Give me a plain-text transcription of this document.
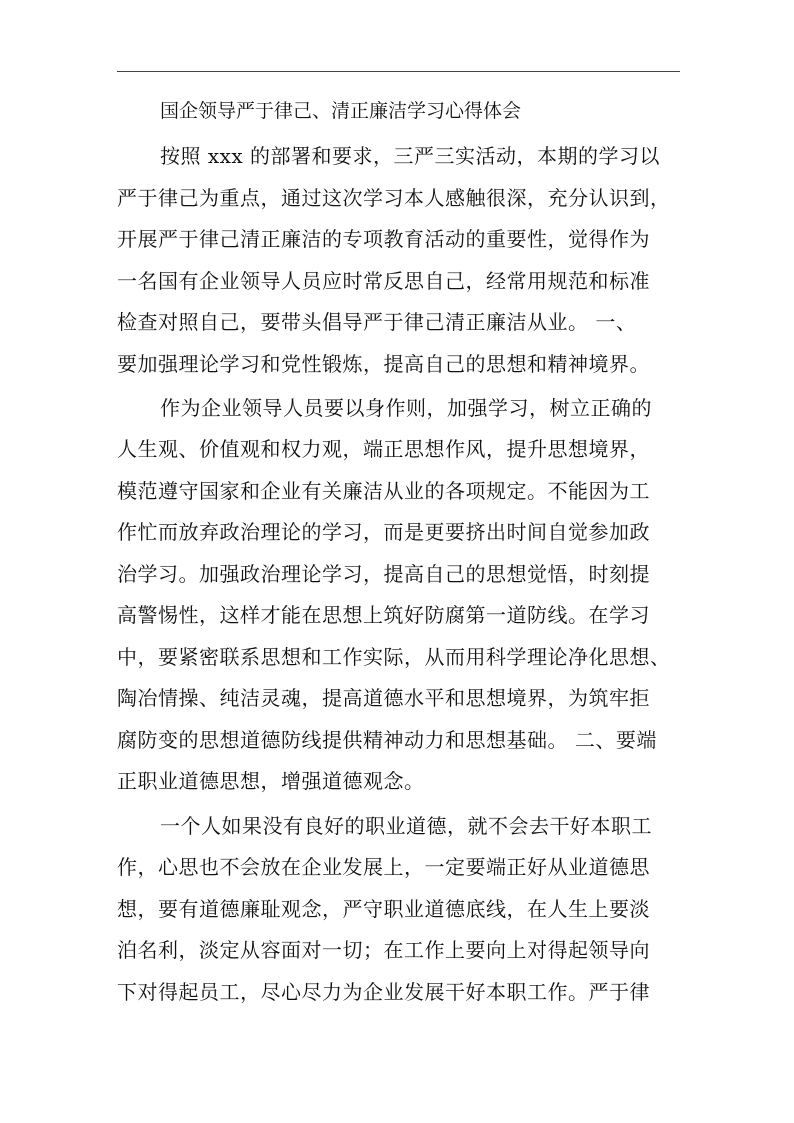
国企领导严于律己、清正廉洁学习心得体会
按照 xxx 的部署和要求，三严三实活动，本期的学习以
严于律己为重点，通过这次学习本人感触很深，充分认识到，
开展严于律己清正廉洁的专项教育活动的重要性，觉得作为
一名国有企业领导人员应时常反思自己，经常用规范和标准
检查对照自己，要带头倡导严于律己清正廉洁从业。 一、
要加强理论学习和党性锻炼，提高自己的思想和精神境界。
作为企业领导人员要以身作则，加强学习，树立正确的
人生观、价值观和权力观，端正思想作风，提升思想境界，
模范遵守国家和企业有关廉洁从业的各项规定。不能因为工
作忙而放弃政治理论的学习，而是更要挤出时间自觉参加政
治学习。加强政治理论学习，提高自己的思想觉悟，时刻提
高警惕性，这样才能在思想上筑好防腐第一道防线。在学习
中，要紧密联系思想和工作实际，从而用科学理论净化思想、
陶冶情操、纯洁灵魂，提高道德水平和思想境界，为筑牢拒
腐防变的思想道德防线提供精神动力和思想基础。 二、要端
正职业道德思想，增强道德观念。
一个人如果没有良好的职业道德，就不会去干好本职工
作，心思也不会放在企业发展上，一定要端正好从业道德思
想，要有道德廉耻观念，严守职业道德底线，在人生上要淡
泊名利，淡定从容面对一切；在工作上要向上对得起领导向
下对得起员工，尽心尽力为企业发展干好本职工作。严于律
